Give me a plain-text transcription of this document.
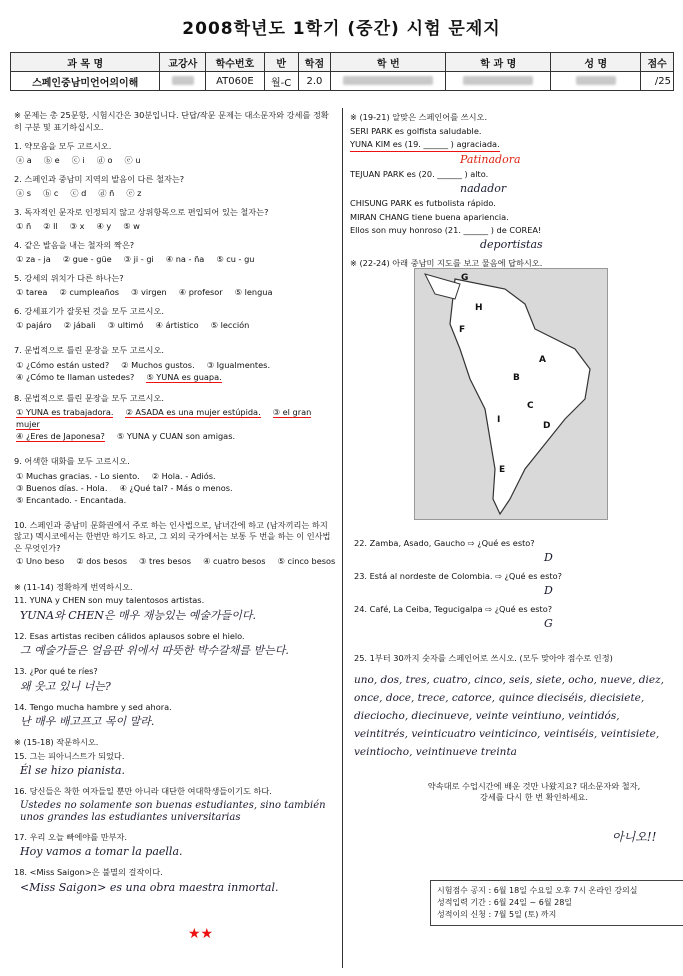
2008학년도 1학기 (중간) 시험 문제지
과 목 명	교강사	학수번호	반	학점	학 번	학 과 명	성 명	점수
스페인중남미언어의이해		AT060E	월-C	2.0				/25
※ 문제는 총 25문항, 시험시간은 30분입니다. 단답/작문 문제는 대소문자와 강세를 정확히 구분 및 표기하십시오.
1. 약모음을 모두 고르시오.
ⓐ a ⓑ e ⓒ i ⓓ o ⓔ u
2. 스페인과 중남미 지역의 발음이 다른 철자는?
ⓐ s ⓑ c ⓒ d ⓓ ñ ⓔ z
3. 독자적인 문자로 인정되지 않고 상위항목으로 편입되어 있는 철자는?
① ñ ② ll ③ x ④ y ⑤ w
4. 같은 발음을 내는 철자의 짝은?
① za - ja ② gue - güe ③ ji - gi ④ na - ña ⑤ cu - gu
5. 강세의 위치가 다른 하나는?
① tarea ② cumpleaños ③ virgen ④ profesor ⑤ lengua
6. 강세표기가 잘못된 것을 모두 고르시오.
① pajáro ② jábali ③ ultimó ④ ártistico ⑤ lección
7. 문법적으로 틀린 문장을 모두 고르시오.
① ¿Cómo están usted? ② Muchos gustos. ③ Igualmentes.
④ ¿Cómo te llaman ustedes? ⑤ YUNA es guapa.
8. 문법적으로 틀린 문장을 모두 고르시오.
① YUNA es trabajadora. ② ASADA es una mujer estúpida. ③ el gran mujer
④ ¿Eres de Japonesa? ⑤ YUNA y CUAN son amigas.
9. 어색한 대화를 모두 고르시오.
① Muchas gracias. - Lo siento. ② Hola. - Adiós.
③ Buenos días. - Hola. ④ ¿Qué tal? - Más o menos.
⑤ Encantado. - Encantada.
10. 스페인과 중남미 문화권에서 주로 하는 인사법으로, 남녀간에 하고 (남자끼리는 하지 않고) 멕시코에서는 한번만 하기도 하고, 그 외의 국가에서는 보통 두 번을 하는 이 인사법은 무엇인가?
① Uno beso ② dos besos ③ tres besos ④ cuatro besos ⑤ cinco besos
※ (11-14) 정확하게 번역하시오.
11. YUNA y CHEN son muy talentosos artistas.
YUNA와 CHEN은 매우 재능있는 예술가들이다.
12. Esas artistas reciben cálidos aplausos sobre el hielo.
그 예술가들은 얼음판 위에서 따뜻한 박수갈채를 받는다.
13. ¿Por qué te ríes?
왜 웃고 있니 너는?
14. Tengo mucha hambre y sed ahora.
난 매우 배고프고 목이 말라.
※ (15-18) 작문하시오.
15. 그는 피아니스트가 되었다.
Él se hizo pianista.
16. 당신들은 착한 여자들일 뿐만 아니라 대단한 여대학생들이기도 하다.
Ustedes no solamente son buenas estudiantes, sino también unos grandes las estudiantes universitarias
17. 우리 오늘 빠에야를 만부자.
Hoy vamos a tomar la paella.
18. <Miss Saigon>은 불멸의 걸작이다.
<Miss Saigon> es una obra maestra inmortal.
★★
※ (19-21) 알맞은 스페인어를 쓰시오.
SERI PARK es golfista saludable.
YUNA KIM es (19. ______ ) agraciada.
Patinadora
TEJUAN PARK es (20. ______ ) alto.
nadador
CHISUNG PARK es futbolista rápido.
MIRAN CHANG tiene buena apariencia.
Ellos son muy honroso (21. ______ ) de COREA!
deportistas
※ (22-24) 아래 중남미 지도를 보고 물음에 답하시오.
G
H
F
A
B
C
D
I
E
22. Zamba, Asado, Gaucho ⇨ ¿Qué es esto?
D
23. Está al nordeste de Colombia. ⇨ ¿Qué es esto?
D
24. Café, La Ceiba, Tegucigalpa ⇨ ¿Qué es esto?
G
25. 1부터 30까지 숫자를 스페인어로 쓰시오. (모두 맞아야 점수로 인정)
uno, dos, tres, cuatro, cinco, seis, siete, ocho, nueve, diez, once, doce, trece, catorce, quince dieciséis, diecisiete, dieciocho, diecinueve, veinte veintiuno, veintidós, veintitrés, veinticuatro veinticinco, veintiséis, veintisiete, veintiocho, veintinueve treinta
약속대로 수업시간에 배운 것만 나왔지요? 대소문자와 철자, 강세를 다시 한 번 확인하세요.
아니오!!
시험점수 공지 : 6월 18일 수요일 오후 7시 온라인 강의실
성적입력 기간 : 6월 24일 ~ 6월 28일
성적이의 신청 : 7월 5일 (토) 까지
